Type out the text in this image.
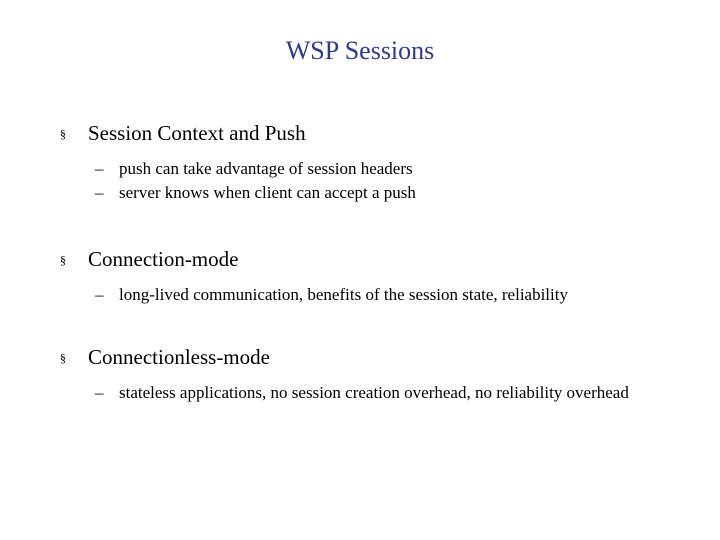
WSP Sessions
§	Session Context and Push
– push can take advantage of session headers
– server knows when client can accept a push
§	Connection-mode
– long-lived communication, benefits of the session state, reliability
§	Connectionless-mode
– stateless applications, no session creation overhead, no reliability overhead
